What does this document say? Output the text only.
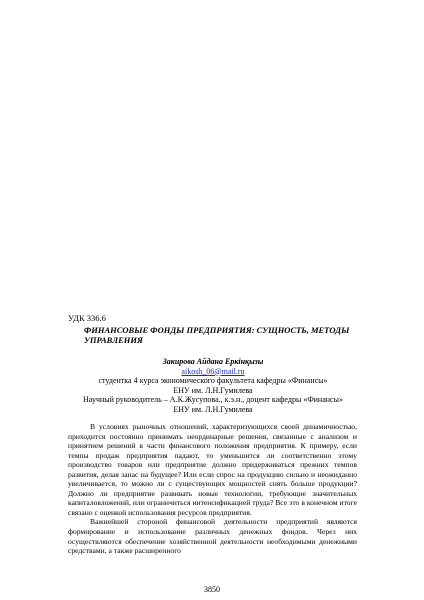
УДК 336.6
ФИНАНСОВЫЕ ФОНДЫ ПРЕДПРИЯТИЯ: СУЩНОСТЬ, МЕТОДЫ УПРАВЛЕНИЯ
Закирова Айдана Еркінқызы
aikosh_06@mail.ru
студентка 4 курса экономического факультета кафедры «Финансы»
ЕНУ им. Л.Н.Гумилева
Научный руководитель – А.К.Жусупова., к.э.н., доцент кафедры «Финансы»
ЕНУ им. Л.Н.Гумилева

В условиях рыночных отношений, характеризующихся своей динамичностью, приходится постоянно принимать неординарные решения, связанные с анализом и принятием решений в части финансового положения предприятия. К примеру, если темпы продаж предприятия падают, то уменьшится ли соответственно этому производство товаров или предприятие должно придерживаться прежних темпов развития, делая запас на будущее? Или если спрос на продукцию сильно и неожиданно увеличивается, то можно ли с существующих мощностей снять больше продукции? Должно ли предприятие развивать новые технологии, требующие значительных капиталовложений, или ограничиться интенсификацией труда? Все это в конечном итоге связано с оценкой использования ресурсов предприятия.

Важнейшей стороной финансовой деятельности предприятий являются формирование и использование различных денежных фондов. Через них осуществляются обеспечение хозяйственной деятельности необходимыми денежными средствами, а также расширенного

3850
